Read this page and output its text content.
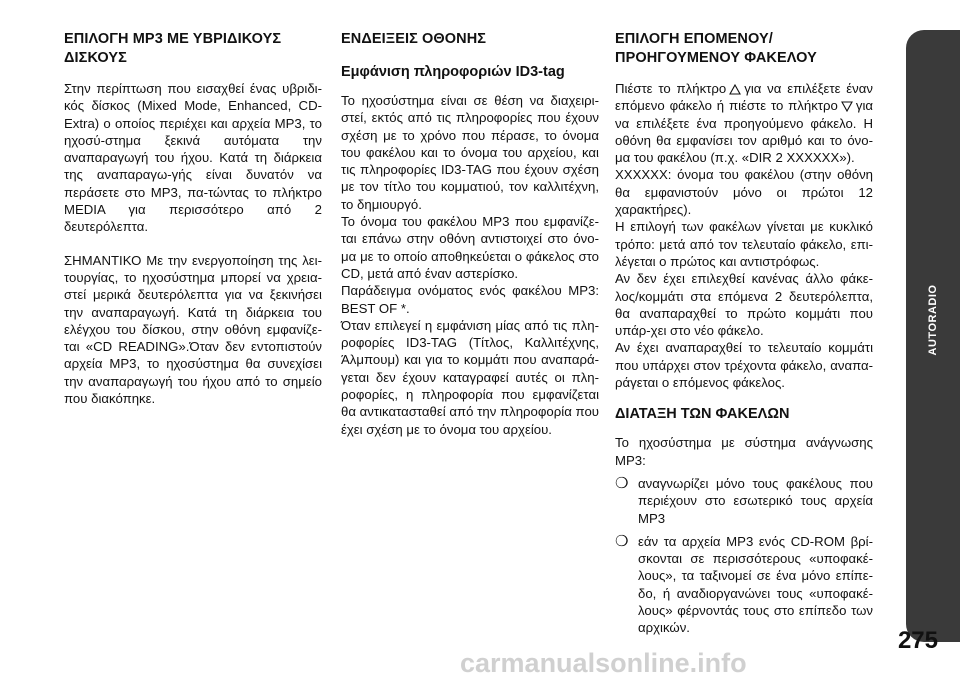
ΕΠΙΛΟΓΗ MP3 ΜΕ ΥΒΡΙΔΙΚΟΥΣ ΔΙΣΚΟΥΣ

Στην περίπτωση που εισαχθεί ένας υβριδι-κός δίσκος (Mixed Mode, Enhanced, CD-Extra) ο οποίος περιέχει και αρχεία MP3, το ηχοσύ-στημα ξεκινά αυτόματα την αναπαραγωγή του ήχου. Κατά τη διάρκεια της αναπαραγω-γής είναι δυνατόν να περάσετε στο MP3, πα-τώντας το πλήκτρο MEDIA για περισσότερο από 2 δευτερόλεπτα.

ΣΗΜΑΝΤΙΚΟ Με την ενεργοποίηση της λει-τουργίας, το ηχοσύστημα μπορεί να χρεια-στεί μερικά δευτερόλεπτα για να ξεκινήσει την αναπαραγωγή. Κατά τη διάρκεια του ελέγχου του δίσκου, στην οθόνη εμφανίζε-ται «CD READING».Όταν δεν εντοπιστούν αρχεία MP3, το ηχοσύστημα θα συνεχίσει την αναπαραγωγή του ήχου από το σημείο που διακόπηκε.

ΕΝΔΕΙΞΕΙΣ ΟΘΟΝΗΣ
Εμφάνιση πληροφοριών ID3-tag

Το ηχοσύστημα είναι σε θέση να διαχειρι-στεί, εκτός από τις πληροφορίες που έχουν σχέση με το χρόνο που πέρασε, το όνομα του φακέλου και το όνομα του αρχείου, και τις πληροφορίες ID3-TAG που έχουν σχέση με τον τίτλο του κομματιού, τον καλλιτέχνη, το δημιουργό.

Το όνομα του φακέλου MP3 που εμφανίζε-ται επάνω στην οθόνη αντιστοιχεί στο όνο-μα με το οποίο αποθηκεύεται ο φάκελος στο CD, μετά από έναν αστερίσκο.

Παράδειγμα ονόματος ενός φακέλου MP3: BEST OF *.

Όταν επιλεγεί η εμφάνιση μίας από τις πλη-ροφορίες ID3-TAG (Τίτλος, Καλλιτέχνης, Άλμπουμ) και για το κομμάτι που αναπαρά-γεται δεν έχουν καταγραφεί αυτές οι πλη-ροφορίες, η πληροφορία που εμφανίζεται θα αντικατασταθεί από την πληροφορία που έχει σχέση με το όνομα του αρχείου.

ΕΠΙΛΟΓΗ ΕΠΟΜΕΝΟΥ/ ΠΡΟΗΓΟΥΜΕΝΟΥ ΦΑΚΕΛΟΥ

Πιέστε το πλήκτρο για να επιλέξετε έναν επόμενο φάκελο ή πιέστε το πλήκτρο για να επιλέξετε ένα προηγούμενο φάκελο. Η οθόνη θα εμφανίσει τον αριθμό και το όνο-μα του φακέλου (π.χ. «DIR 2 XXXXXX»).

XXXXXX: όνομα του φακέλου (στην οθόνη θα εμφανιστούν μόνο οι πρώτοι 12 χαρακτήρες).

Η επιλογή των φακέλων γίνεται με κυκλικό τρόπο: μετά από τον τελευταίο φάκελο, επι-λέγεται ο πρώτος και αντιστρόφως.

Αν δεν έχει επιλεχθεί κανένας άλλο φάκε-λος/κομμάτι στα επόμενα 2 δευτερόλεπτα, θα αναπαραχθεί το πρώτο κομμάτι που υπάρ-χει στο νέο φάκελο.

Αν έχει αναπαραχθεί το τελευταίο κομμάτι που υπάρχει στον τρέχοντα φάκελο, αναπα-ράγεται ο επόμενος φάκελος.

ΔΙΑΤΑΞΗ ΤΩΝ ΦΑΚΕΛΩΝ

Το ηχοσύστημα με σύστημα ανάγνωσης MP3:

❍ αναγνωρίζει μόνο τους φακέλους που περιέχουν στο εσωτερικό τους αρχεία MP3
❍ εάν τα αρχεία MP3 ενός CD-ROM βρί-σκονται σε περισσότερους «υποφακέ-λους», τα ταξινομεί σε ένα μόνο επίπε-δο, ή αναδιοργανώνει τους «υποφακέ-λους» φέρνοντάς τους στο επίπεδο των αρχικών.
AUTORADIO
275
carmanualsonline.info
